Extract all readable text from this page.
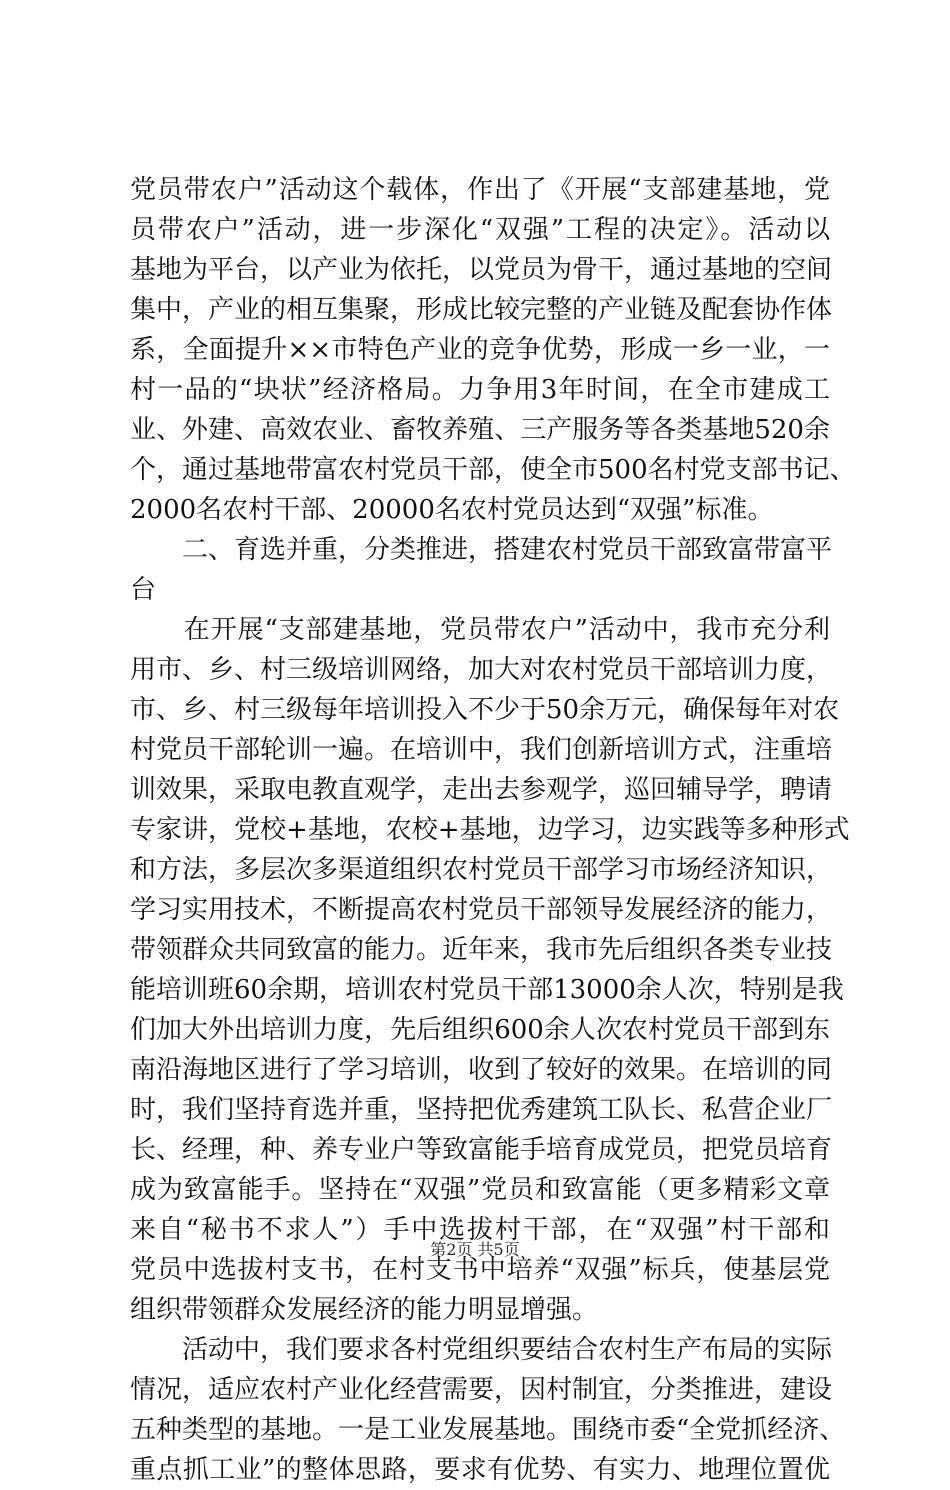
党员带农户”活动这个载体，作出了《开展“支部建基地，党
员带农户”活动，进一步深化“双强”工程的决定》。活动以
基地为平台，以产业为依托，以党员为骨干，通过基地的空间
集中，产业的相互集聚，形成比较完整的产业链及配套协作体
系，全面提升××市特色产业的竞争优势，形成一乡一业，一
村一品的“块状”经济格局。力争用3年时间，在全市建成工
业、外建、高效农业、畜牧养殖、三产服务等各类基地520余
个，通过基地带富农村党员干部，使全市500名村党支部书记、
2000名农村干部、20000名农村党员达到“双强”标准。
　　二、育选并重，分类推进，搭建农村党员干部致富带富平
台
　　在开展“支部建基地，党员带农户”活动中，我市充分利
用市、乡、村三级培训网络，加大对农村党员干部培训力度，
市、乡、村三级每年培训投入不少于50余万元，确保每年对农
村党员干部轮训一遍。在培训中，我们创新培训方式，注重培
训效果，采取电教直观学，走出去参观学，巡回辅导学，聘请
专家讲，党校+基地，农校+基地，边学习，边实践等多种形式
和方法，多层次多渠道组织农村党员干部学习市场经济知识，
学习实用技术，不断提高农村党员干部领导发展经济的能力，
带领群众共同致富的能力。近年来，我市先后组织各类专业技
能培训班60余期，培训农村党员干部13000余人次，特别是我
们加大外出培训力度，先后组织600余人次农村党员干部到东
南沿海地区进行了学习培训，收到了较好的效果。在培训的同
时，我们坚持育选并重，坚持把优秀建筑工队长、私营企业厂
长、经理，种、养专业户等致富能手培育成党员，把党员培育
成为致富能手。坚持在“双强”党员和致富能（更多精彩文章
来自“秘书不求人”）手中选拔村干部，在“双强”村干部和
党员中选拔村支书，在村支书中培养“双强”标兵，使基层党
组织带领群众发展经济的能力明显增强。
　　活动中，我们要求各村党组织要结合农村生产布局的实际
情况，适应农村产业化经营需要，因村制宜，分类推进，建设
五种类型的基地。一是工业发展基地。围绕市委“全党抓经济、
重点抓工业”的整体思路，要求有优势、有实力、地理位置优
第2页 共5页
